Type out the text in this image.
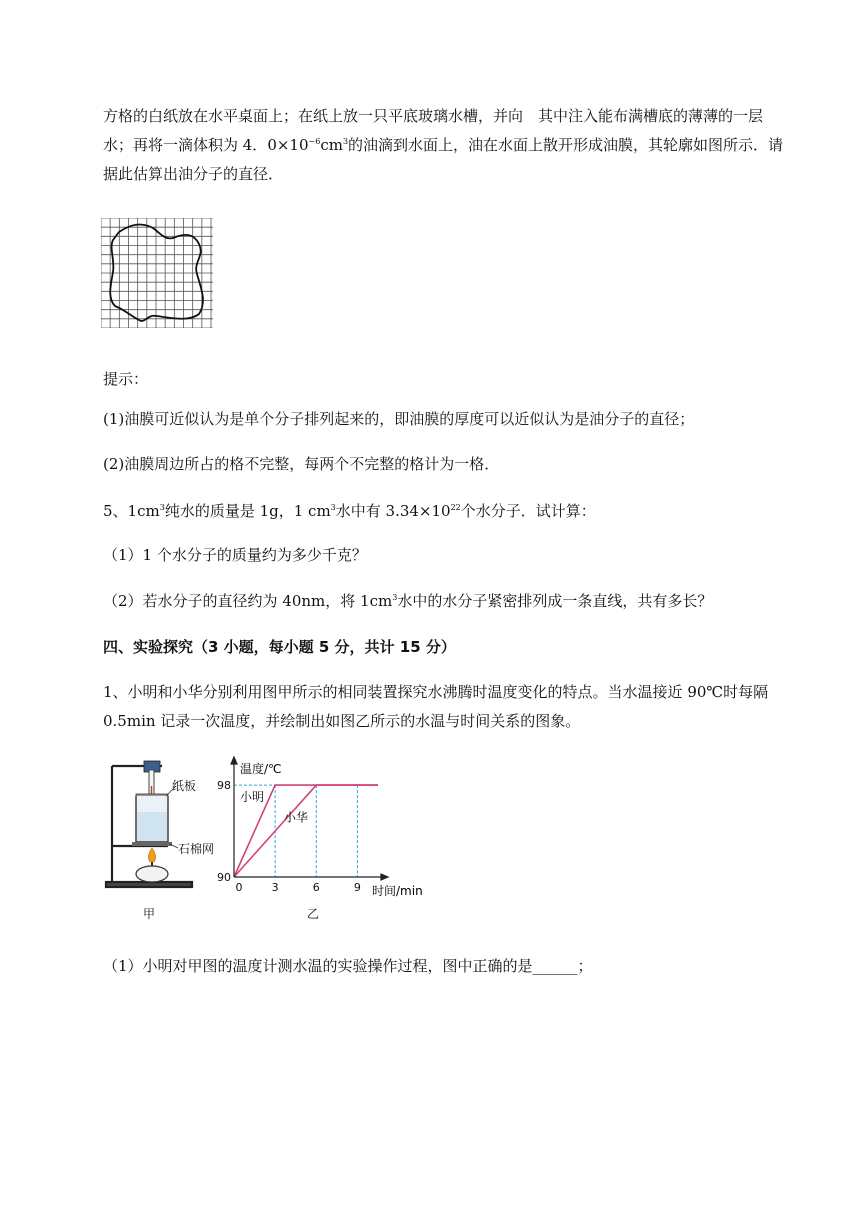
方格的白纸放在水平桌面上；在纸上放一只平底玻璃水槽，并向　其中注入能布满槽底的薄薄的一层

水；再将一滴体积为 4．$0\times 10^{-6}cm^3$的油滴到水面上，油在水面上散开形成油膜，其轮廓如图所示．请

据此估算出油分子的直径．

提示：

(1)油膜可近似认为是单个分子排列起来的，即油膜的厚度可以近似认为是油分子的直径；

(2)油膜周边所占的格不完整，每两个不完整的格计为一格．

5、$1cm^3$纯水的质量是 1g，1 $cm^3$水中有 $3.34\times 10^{22}$个水分子．试计算：

（1）1 个水分子的质量约为多少千克？

（2）若水分子的直径约为 40nm，将 $1cm^3$水中的水分子紧密排列成一条直线，共有多长？

四、实验探究（3 小题，每小题 5 分，共计 15 分）

1、小明和小华分别利用图甲所示的相同装置探究水沸腾时温度变化的特点。当水温接近 90℃时每隔

0.5min 记录一次温度，并绘制出如图乙所示的水温与时间关系的图象。

纸板
石棉网
甲
0	3	6	9
90
98
温度/℃
时间/min
小明
小华
乙

（1）小明对甲图的温度计测水温的实验操作过程，图中正确的是______；
